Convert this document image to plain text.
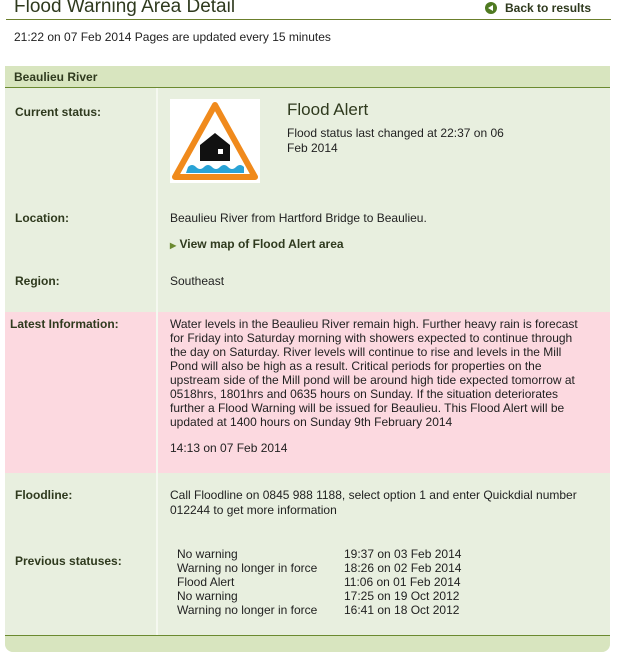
Flood Warning Area Detail	Back to results
21:22 on 07 Feb 2014 Pages are updated every 15 minutes
Beaulieu River
Current status:	Flood Alert
Flood status last changed at 22:37 on 06 Feb 2014
Location:	Beaulieu River from Hartford Bridge to Beaulieu.
▶ View map of Flood Alert area
Region:	Southeast
Latest Information:	Water levels in the Beaulieu River remain high. Further heavy rain is forecast for Friday into Saturday morning with showers expected to continue through the day on Saturday. River levels will continue to rise and levels in the Mill Pond will also be high as a result. Critical periods for properties on the upstream side of the Mill pond will be around high tide expected tomorrow at 0518hrs, 1801hrs and 0635 hours on Sunday. If the situation deteriorates further a Flood Warning will be issued for Beaulieu. This Flood Alert will be updated at 1400 hours on Sunday 9th February 2014
14:13 on 07 Feb 2014
Floodline:	Call Floodline on 0845 988 1188, select option 1 and enter Quickdial number 012244 to get more information
Previous statuses:	No warning	19:37 on 03 Feb 2014
Warning no longer in force	18:26 on 02 Feb 2014
Flood Alert	11:06 on 01 Feb 2014
No warning	17:25 on 19 Oct 2012
Warning no longer in force	16:41 on 18 Oct 2012
